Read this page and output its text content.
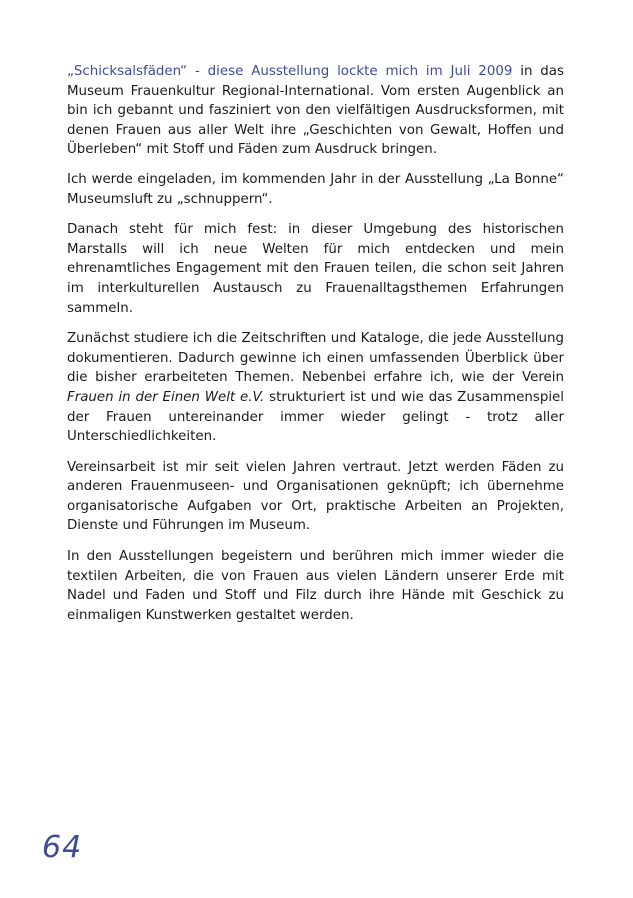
„Schicksalsfäden“ - diese Ausstellung lockte mich im Juli 2009 in das Museum Frauenkultur Regional-International. Vom ersten Augenblick an bin ich gebannt und fasziniert von den vielfältigen Ausdrucksformen, mit denen Frauen aus aller Welt ihre „Geschichten von Gewalt, Hoffen und Überleben“ mit Stoff und Fäden zum Ausdruck bringen.

Ich werde eingeladen, im kommenden Jahr in der Ausstellung „La Bonne“ Museumsluft zu „schnuppern“.

Danach steht für mich fest: in dieser Umgebung des historischen Marstalls will ich neue Welten für mich entdecken und mein ehrenamtliches Engagement mit den Frauen teilen, die schon seit Jahren im interkulturellen Austausch zu Frauenalltagsthemen Erfahrungen sammeln.

Zunächst studiere ich die Zeitschriften und Kataloge, die jede Ausstellung dokumentieren. Dadurch gewinne ich einen umfassenden Überblick über die bisher erarbeiteten Themen. Nebenbei erfahre ich, wie der Verein Frauen in der Einen Welt e.V. strukturiert ist und wie das Zusammenspiel der Frauen untereinander immer wieder gelingt - trotz aller Unterschiedlichkeiten.

Vereinsarbeit ist mir seit vielen Jahren vertraut. Jetzt werden Fäden zu anderen Frauenmuseen- und Organisationen geknüpft; ich übernehme organisatorische Aufgaben vor Ort, praktische Arbeiten an Projekten, Dienste und Führungen im Museum.

In den Ausstellungen begeistern und berühren mich immer wieder die textilen Arbeiten, die von Frauen aus vielen Ländern unserer Erde mit Nadel und Faden und Stoff und Filz durch ihre Hände mit Geschick zu einmaligen Kunstwerken gestaltet werden.

64
